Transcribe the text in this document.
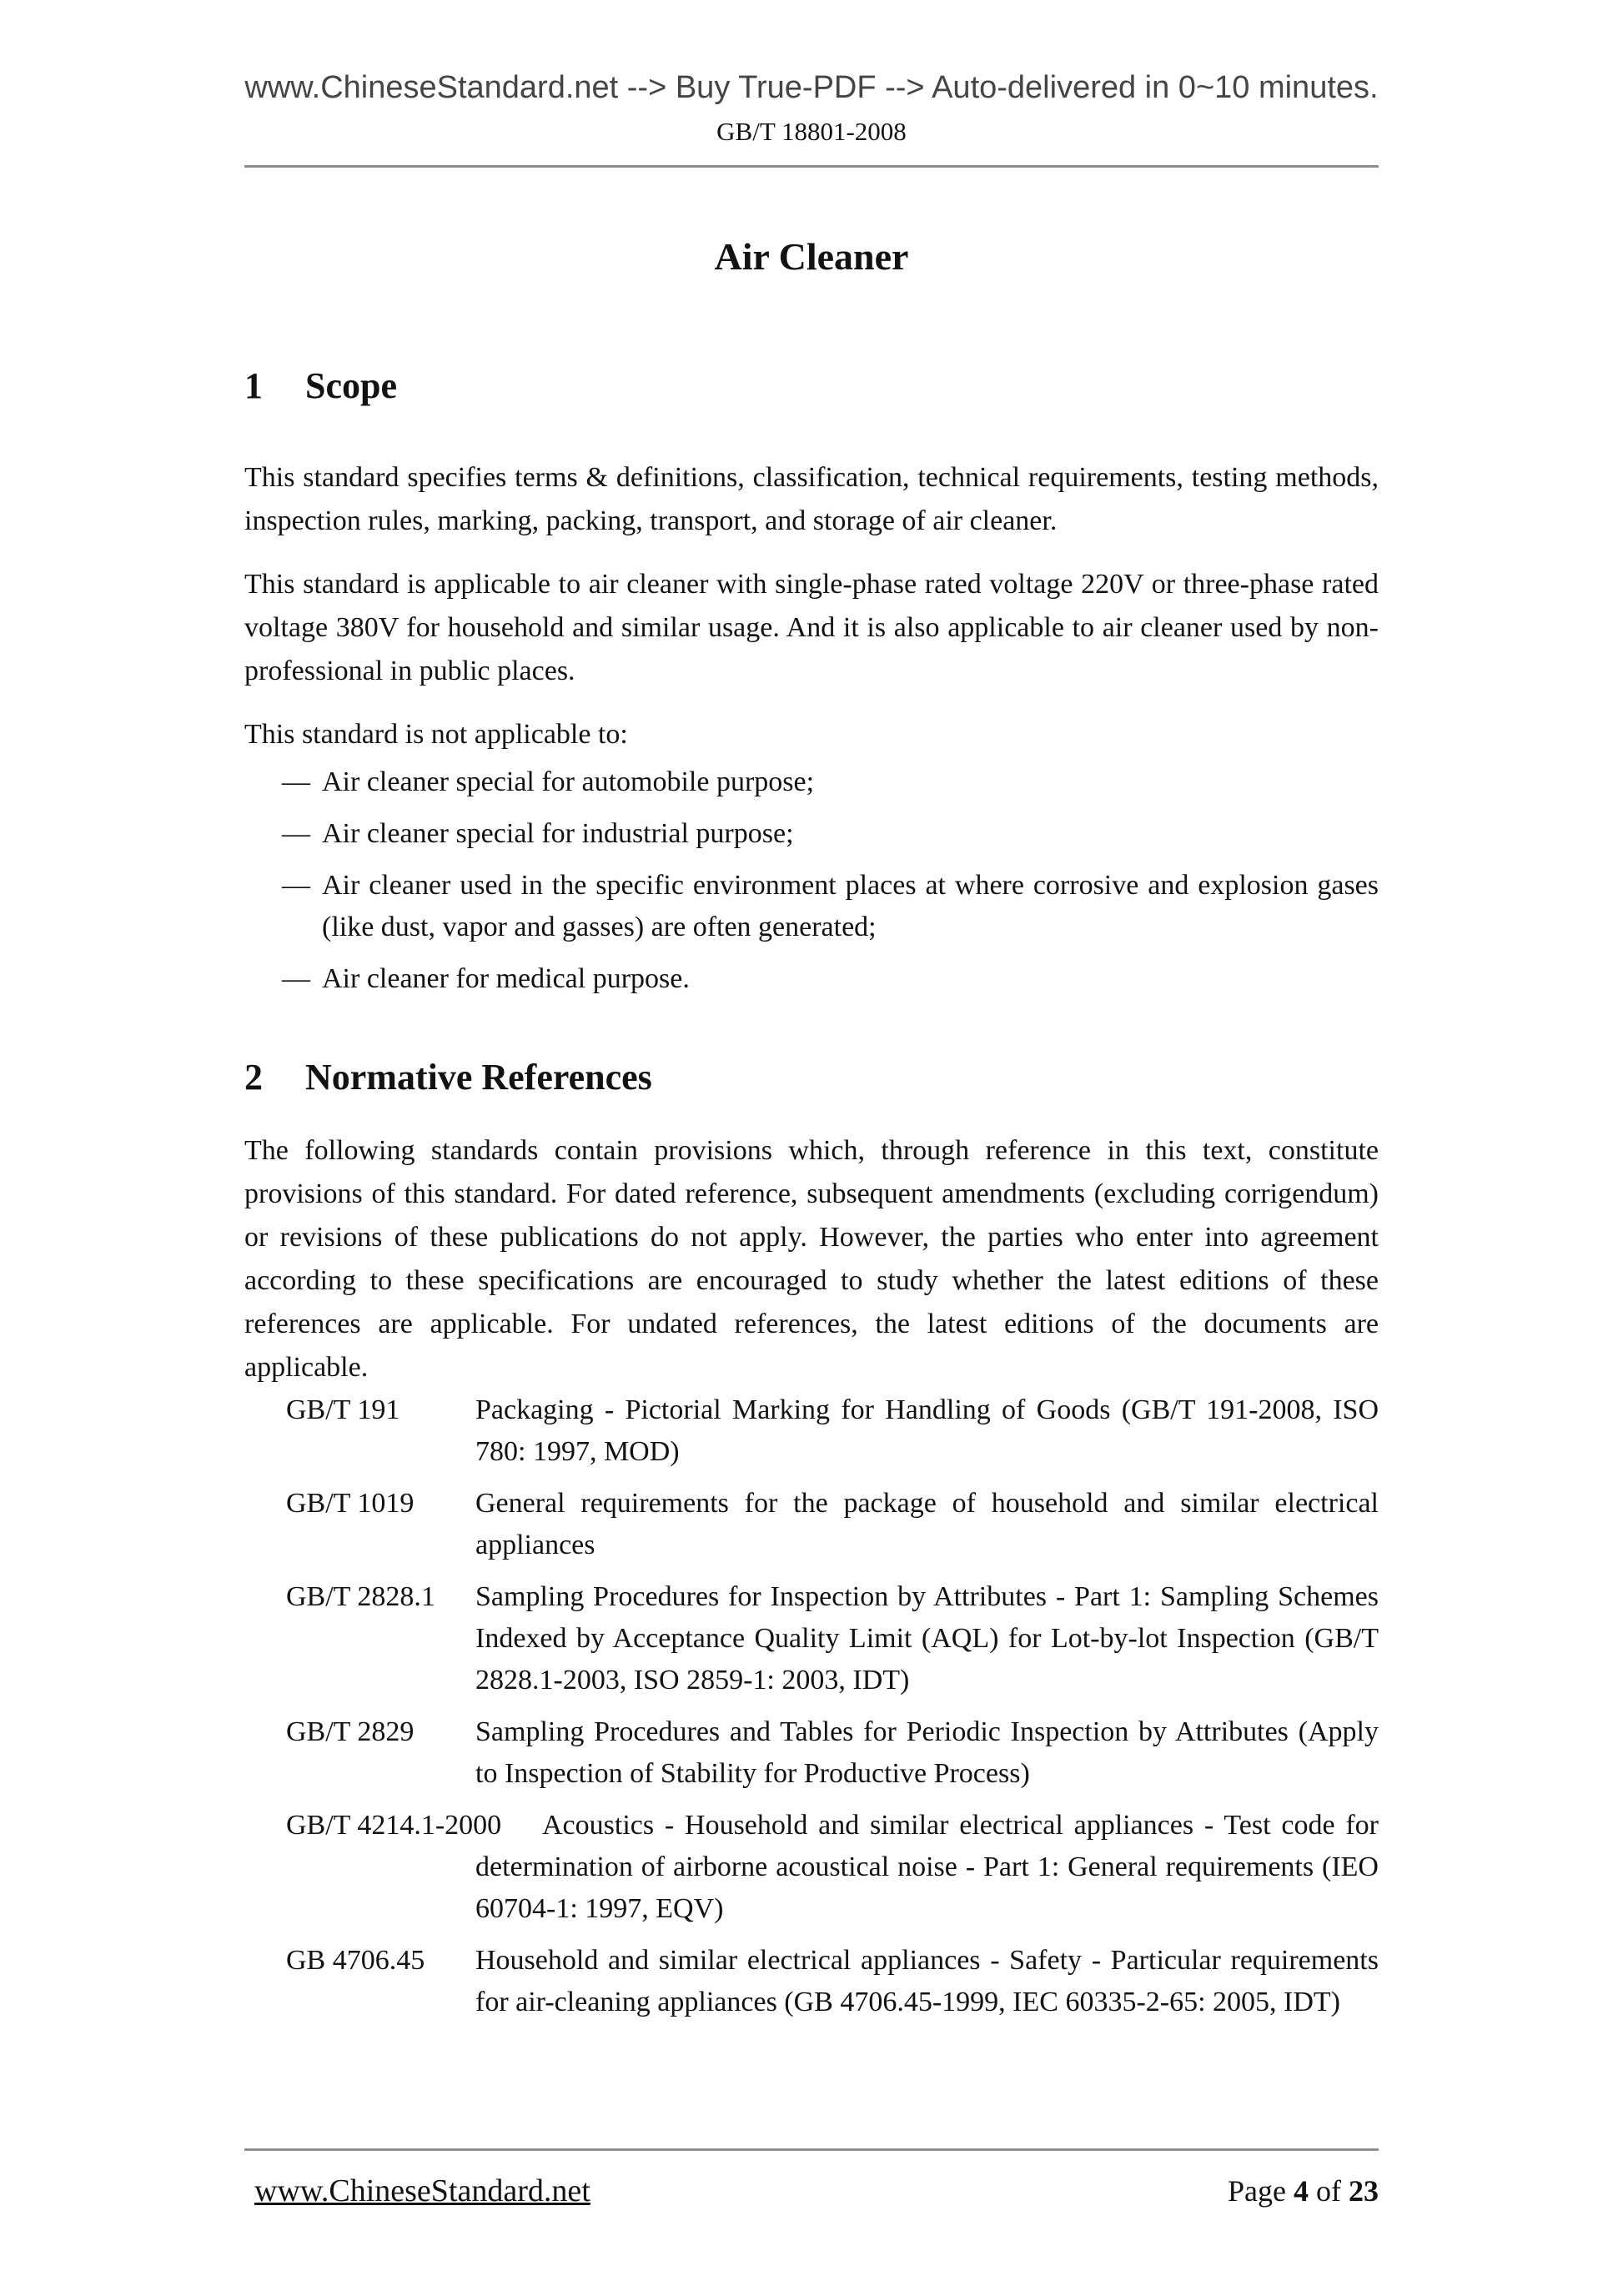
www.ChineseStandard.net --> Buy True-PDF --> Auto-delivered in 0~10 minutes.
GB/T 18801-2008
Air Cleaner
1 Scope

This standard specifies terms & definitions, classification, technical requirements, testing methods, inspection rules, marking, packing, transport, and storage of air cleaner.

This standard is applicable to air cleaner with single-phase rated voltage 220V or three-phase rated voltage 380V for household and similar usage. And it is also applicable to air cleaner used by non-professional in public places.

This standard is not applicable to:

— Air cleaner special for automobile purpose;
— Air cleaner special for industrial purpose;
— Air cleaner used in the specific environment places at where corrosive and explosion gases (like dust, vapor and gasses) are often generated;
— Air cleaner for medical purpose.
2 Normative References

The following standards contain provisions which, through reference in this text, constitute provisions of this standard. For dated reference, subsequent amendments (excluding corrigendum) or revisions of these publications do not apply. However, the parties who enter into agreement according to these specifications are encouraged to study whether the latest editions of these references are applicable. For undated references, the latest editions of the documents are applicable.

GB/T 191	Packaging - Pictorial Marking for Handling of Goods (GB/T 191-2008, ISO 780: 1997, MOD)
GB/T 1019 General requirements for the package of household and similar electrical appliances
GB/T 2828.1 Sampling Procedures for Inspection by Attributes - Part 1: Sampling Schemes Indexed by Acceptance Quality Limit (AQL) for Lot-by-lot Inspection (GB/T 2828.1-2003, ISO 2859-1: 2003, IDT)
GB/T 2829 Sampling Procedures and Tables for Periodic Inspection by Attributes (Apply to Inspection of Stability for Productive Process)
GB/T 4214.1-2000	Acoustics - Household and similar electrical appliances - Test code for determination of airborne acoustical noise - Part 1: General requirements (IEO 60704-1: 1997, EQV)
GB 4706.45 Household and similar electrical appliances - Safety - Particular requirements for air-cleaning appliances (GB 4706.45-1999, IEC 60335-2-65: 2005, IDT)
www.ChineseStandard.net	Page 4 of 23
